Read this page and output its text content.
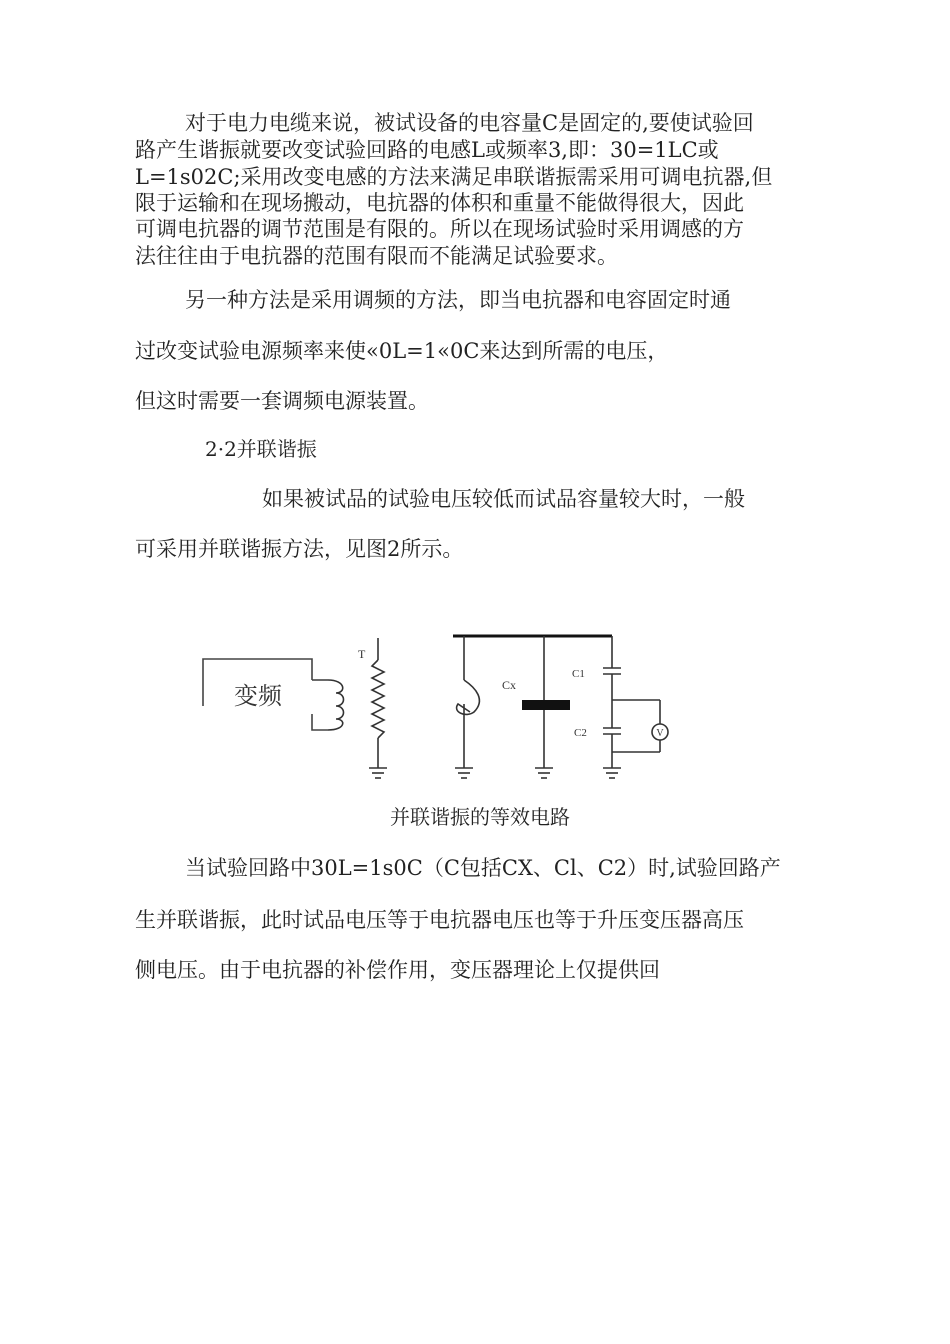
对于电力电缆来说，被试设备的电容量C是固定的,要使试验回
路产生谐振就要改变试验回路的电感L或频率3,即：30=1LC或
L=1s02C;采用改变电感的方法来满足串联谐振需采用可调电抗器,但
限于运输和在现场搬动，电抗器的体积和重量不能做得很大，因此
可调电抗器的调节范围是有限的。所以在现场试验时采用调感的方
法往往由于电抗器的范围有限而不能满足试验要求。
另一种方法是采用调频的方法，即当电抗器和电容固定时通
过改变试验电源频率来使«0L=1«0C来达到所需的电压，
但这时需要一套调频电源装置。
2·2并联谐振
如果被试品的试验电压较低而试品容量较大时，一般
可采用并联谐振方法，见图2所示。
变频
T
Cx
C1
C2	V
并联谐振的等效电路
当试验回路中30L=1s0C（C包括CX、Cl、C2）时,试验回路产
生并联谐振，此时试品电压等于电抗器电压也等于升压变压器高压
侧电压。由于电抗器的补偿作用，变压器理论上仅提供回
